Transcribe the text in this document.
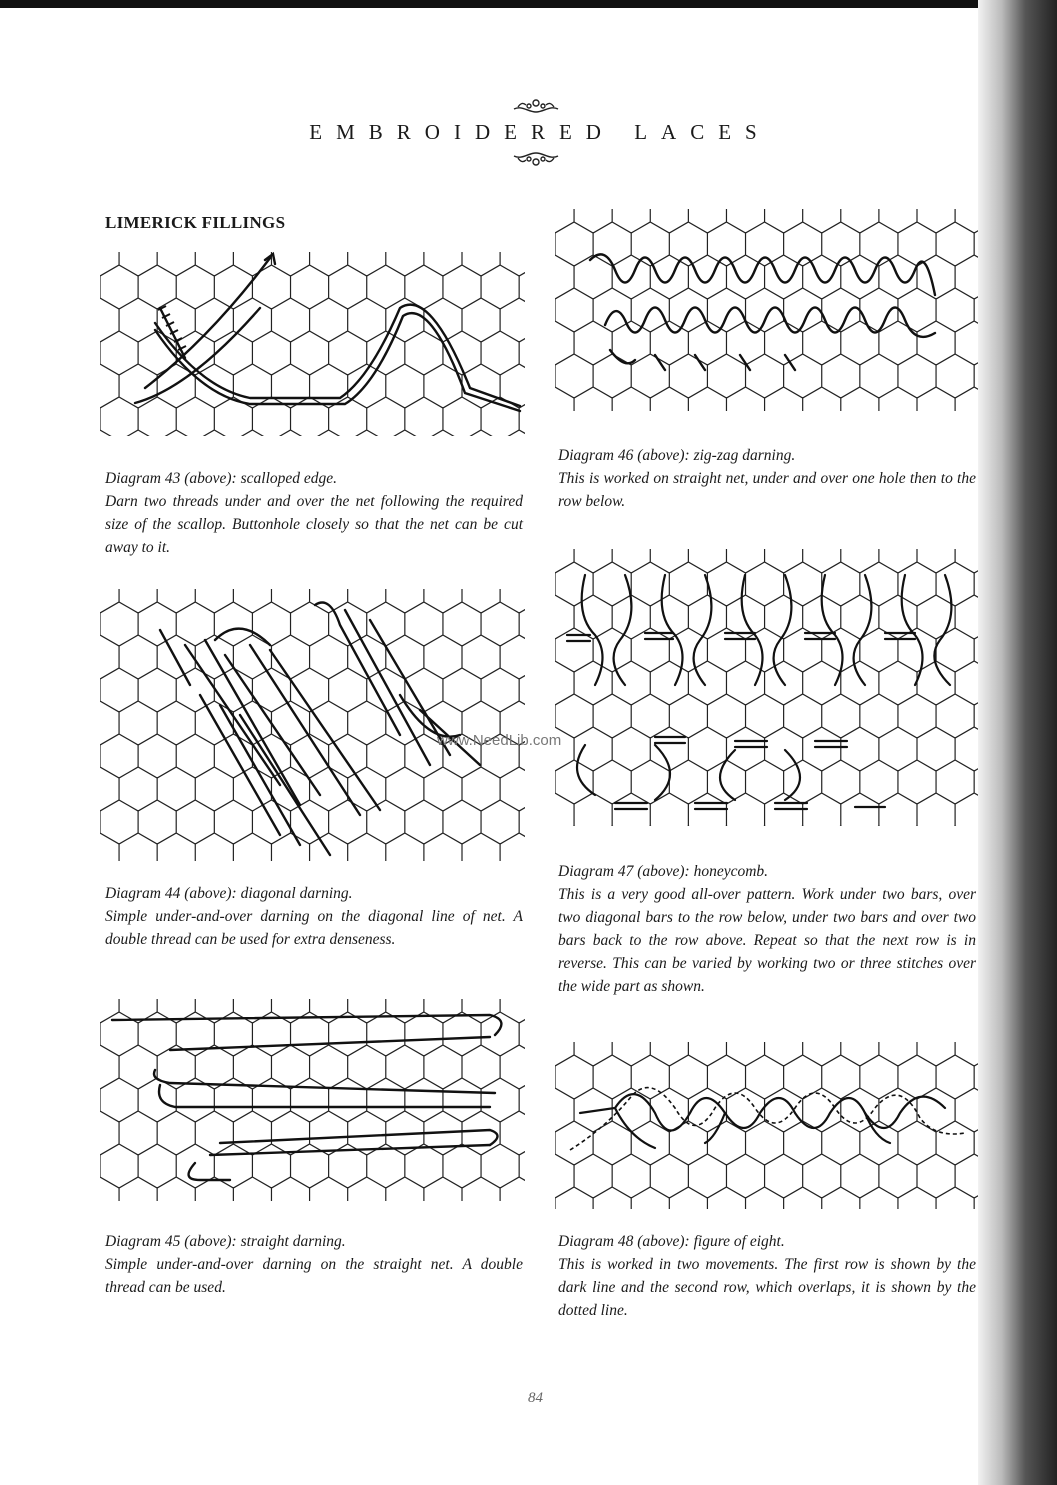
EMBROIDERED LACES
LIMERICK FILLINGS
www.NeedLib.com
Diagram 43 (above): scalloped edge.
Darn two threads under and over the net following the required size of the scallop. Buttonhole closely so that the net can be cut away to it.
Diagram 44 (above): diagonal darning.
Simple under-and-over darning on the diagonal line of net. A double thread can be used for extra denseness.
Diagram 45 (above): straight darning.
Simple under-and-over darning on the straight net. A double thread can be used.
Diagram 46 (above): zig-zag darning.
This is worked on straight net, under and over one hole then to the row below.
Diagram 47 (above): honeycomb.
This is a very good all-over pattern. Work under two bars, over two diagonal bars to the row below, under two bars and over two bars back to the row above. Repeat so that the next row is in reverse. This can be varied by working two or three stitches over the wide part as shown.
Diagram 48 (above): figure of eight.
This is worked in two movements. The first row is shown by the dark line and the second row, which overlaps, it is shown by the dotted line.
84
